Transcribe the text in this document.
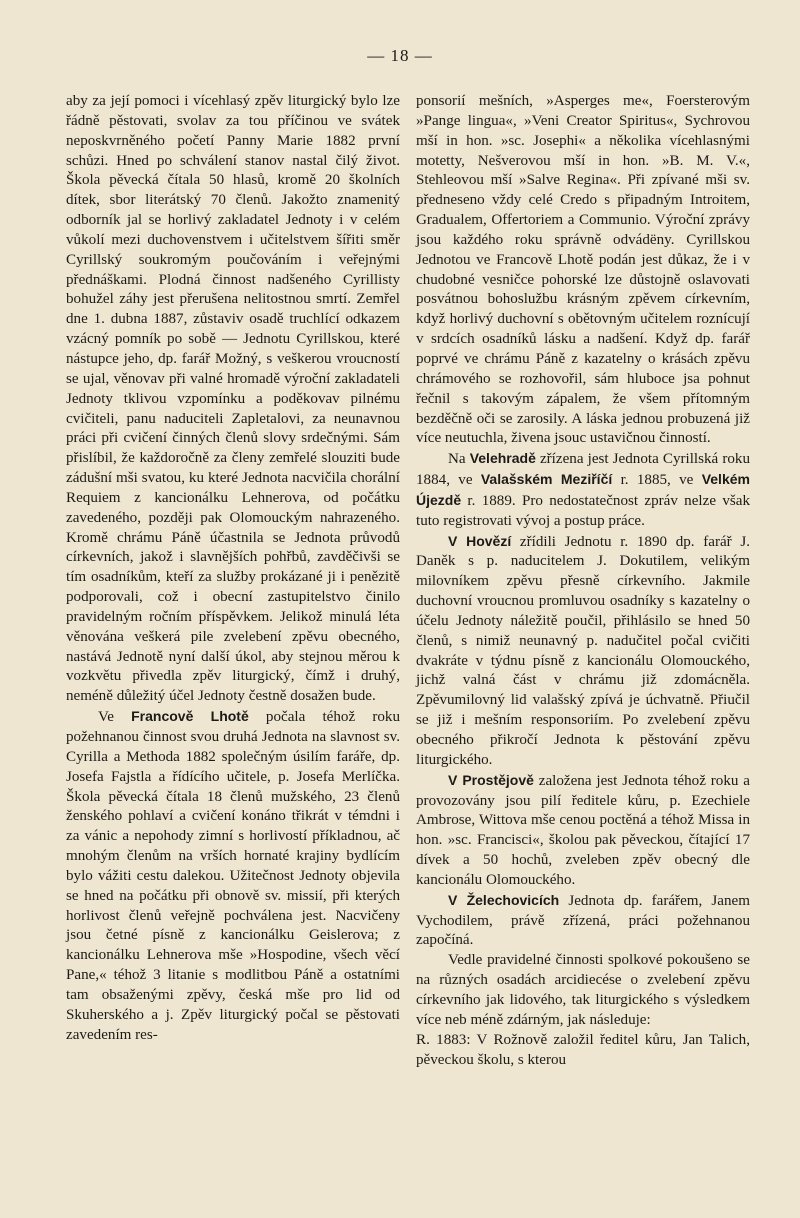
— 18 —

aby za její pomoci i vícehlasý zpěv liturgický bylo lze řádně pěstovati, svolav za tou příčinou ve svátek neposkvrněného početí Panny Marie 1882 první schůzi. Hned po schválení stanov nastal čilý život. Škola pěvecká čítala 50 hlasů, kromě 20 školních dítek, sbor literátský 70 členů. Jakožto znamenitý odborník jal se horlivý zakladatel Jednoty i v celém vůkolí mezi duchovenstvem i učitelstvem šířiti směr Cyrillský soukromým poučováním i veřejnými přednáškami. Plodná činnost nadšeného Cyrillisty bohužel záhy jest přerušena nelitostnou smrtí. Zemřel dne 1. dubna 1887, zůstaviv osadě truchlící odkazem vzácný pomník po sobě — Jednotu Cyrillskou, které nástupce jeho, dp. farář Možný, s veškerou vroucností se ujal, věnovav při valné hromadě výroční zakladateli Jednoty tklivou vzpomínku a poděkovav pilnému cvičiteli, panu naduciteli Zapletalovi, za neunavnou práci při cvičení činných členů slovy srdečnými. Sám přislíbil, že každoročně za členy zemřelé slouziti bude zádušní mši svatou, ku které Jednota nacvičila chorální Requiem z kancionálku Lehnerova, od počátku zavedeného, později pak Olomouckým nahrazeného. Kromě chrámu Páně účastnila se Jednota průvodů církevních, jakož i slavnějších pohřbů, zavděčivši se tím osadníkům, kteří za služby prokázané ji i penězitě podporovali, což i obecní zastupitelstvo činilo pravidelným ročním příspěvkem. Jelikož minulá léta věnována veškerá pile zvelebení zpěvu obecného, nastává Jednotě nyní další úkol, aby stejnou měrou k vozkvětu přivedla zpěv liturgický, čímž i druhý, neméně důležitý účel Jednoty čestně dosažen bude.

Ve Francově Lhotě počala téhož roku požehnanou činnost svou druhá Jednota na slavnost sv. Cyrilla a Methoda 1882 společným úsilím faráře, dp. Josefa Fajstla a řídícího učitele, p. Josefa Merlíčka. Škola pěvecká čítala 18 členů mužského, 23 členů ženského pohlaví a cvičení konáno třikrát v témdni i za vánic a nepohody zimní s horlivostí příkladnou, ač mnohým členům na vrších hornaté krajiny bydlícím bylo vážiti cestu dalekou. Užitečnost Jednoty objevila se hned na počátku při obnově sv. missií, při kterých horlivost členů veřejně pochválena jest. Nacvičeny jsou četné písně z kancionálku Geislerova; z kancionálku Lehnerova mše »Hospodine, všech věcí Pane,« téhož 3 litanie s modlitbou Páně a ostatními tam obsaženými zpěvy, česká mše pro lid od Skuherského a j. Zpěv liturgický počal se pěstovati zavedením res-

ponsorií mešních, »Asperges me«, Foersterovým »Pange lingua«, »Veni Creator Spiritus«, Sychrovou mší in hon. »sc. Josephi« a několika vícehlasnými motetty, Nešverovou mší in hon. »B. M. V.«, Stehleovou mší »Salve Regina«. Při zpívané mši sv. předneseno vždy celé Credo s připadným Introitem, Gradualem, Offertoriem a Communio. Výroční zprávy jsou každého roku správně odvádëny. Cyrillskou Jednotou ve Francově Lhotě podán jest důkaz, že i v chudobné vesničce pohorské lze důstojně oslavovati posvátnou bohoslužbu krásným zpěvem církevním, když horlivý duchovní s obětovným učitelem roznícují v srdcích osadníků lásku a nadšení. Když dp. farář poprvé ve chrámu Páně z kazatelny o krásách zpěvu chrámového se rozhovořil, sám hluboce jsa pohnut řečnil s takovým zápalem, že všem přítomným bezděčně oči se zarosily. A láska jednou probuzená již více neutuchla, živena jsouc ustavičnou činností.

Na Velehradě zřízena jest Jednota Cyrillská roku 1884, ve Valašském Meziříčí r. 1885, ve Velkém Újezdě r. 1889. Pro nedostatečnost zpráv nelze však tuto registrovati vývoj a postup práce.

V Hovězí zřídili Jednotu r. 1890 dp. farář J. Daněk s p. naducitelem J. Dokutilem, velikým milovníkem zpěvu přesně církevního. Jakmile duchovní vroucnou promluvou osadníky s kazatelny o účelu Jednoty náležitě poučil, přihlásilo se hned 50 členů, s nimiž neunavný p. nadučitel počal cvičiti dvakráte v týdnu písně z kancionálu Olomouckého, jichž valná část v chrámu již zdomácněla. Zpěvumilovný lid valašský zpívá je úchvatně. Přiučil se již i mešním responsoriím. Po zvelebení zpěvu obecného přikročí Jednota k pěstování zpěvu liturgického.

V Prostějově založena jest Jednota téhož roku a provozovány jsou pilí ředitele kůru, p. Ezechiele Ambrose, Wittova mše cenou poctěná a téhož Missa in hon. »sc. Francisci«, školou pak pěveckou, čítající 17 dívek a 50 hochů, zveleben zpěv obecný dle kancionálu Olomouckého.

V Želechovicích Jednota dp. farářem, Janem Vychodilem, právě zřízená, práci požehnanou započíná.

Vedle pravidelné činnosti spolkové pokoušeno se na různých osadách arcidiecése o zvelebení zpěvu církevního jak lidového, tak liturgického s výsledkem více neb méně zdárným, jak následuje:

R. 1883: V Rožnově založil ředitel kůru, Jan Talich, pěveckou školu, s kterou
